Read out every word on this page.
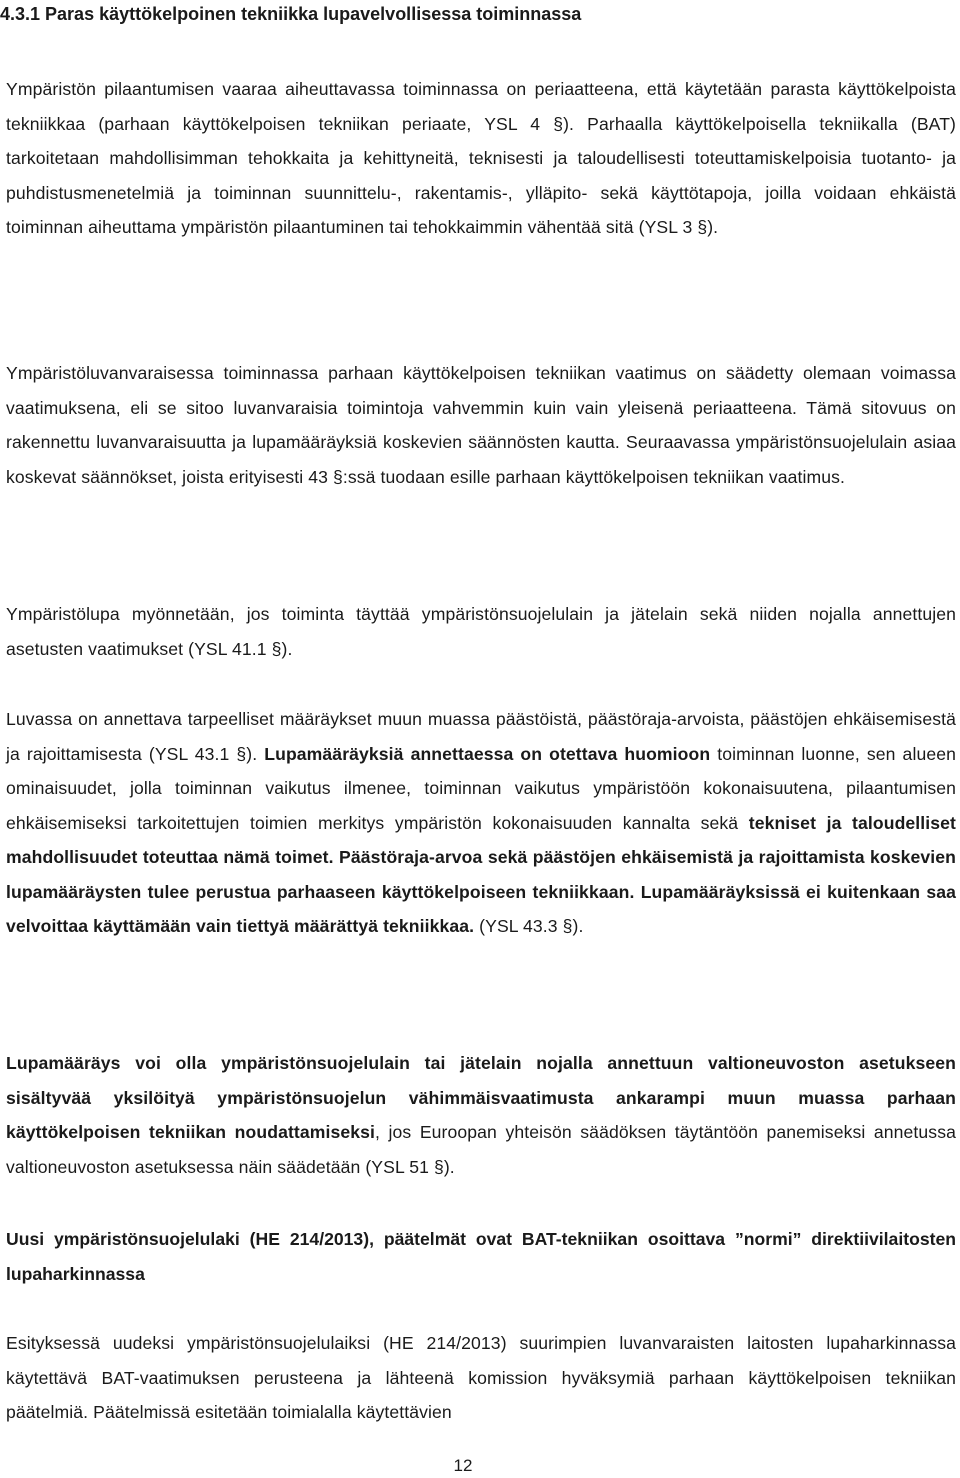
4.3.1 Paras käyttökelpoinen tekniikka lupavelvollisessa toiminnassa

Ympäristön pilaantumisen vaaraa aiheuttavassa toiminnassa on periaatteena, että käytetään parasta käyttökelpoista tekniikkaa (parhaan käyttökelpoisen tekniikan periaate, YSL 4 §). Parhaalla käyttökelpoisella tekniikalla (BAT) tarkoitetaan mahdollisimman tehokkaita ja kehittyneitä, teknisesti ja taloudellisesti toteuttamiskelpoisia tuotanto- ja puhdistusmenetelmiä ja toiminnan suunnittelu-, rakentamis-, ylläpito- sekä käyttötapoja, joilla voidaan ehkäistä toiminnan aiheuttama ympäristön pilaantuminen tai tehokkaimmin vähentää sitä (YSL 3 §).

Ympäristöluvanvaraisessa toiminnassa parhaan käyttökelpoisen tekniikan vaatimus on säädetty olemaan voimassa vaatimuksena, eli se sitoo luvanvaraisia toimintoja vahvemmin kuin vain yleisenä periaatteena. Tämä sitovuus on rakennettu luvanvaraisuutta ja lupamääräyksiä koskevien säännösten kautta. Seuraavassa ympäristönsuojelulain asiaa koskevat säännökset, joista erityisesti 43 §:ssä tuodaan esille parhaan käyttökelpoisen tekniikan vaatimus.

Ympäristölupa myönnetään, jos toiminta täyttää ympäristönsuojelulain ja jätelain sekä niiden nojalla annettujen asetusten vaatimukset (YSL 41.1 §).

Luvassa on annettava tarpeelliset määräykset muun muassa päästöistä, päästöraja-arvoista, päästöjen ehkäisemisestä ja rajoittamisesta (YSL 43.1 §). Lupamääräyksiä annettaessa on otettava huomioon toiminnan luonne, sen alueen ominaisuudet, jolla toiminnan vaikutus ilmenee, toiminnan vaikutus ympäristöön kokonaisuutena, pilaantumisen ehkäisemiseksi tarkoitettujen toimien merkitys ympäristön kokonaisuuden kannalta sekä tekniset ja taloudelliset mahdollisuudet toteuttaa nämä toimet. Päästöraja-arvoa sekä päästöjen ehkäisemistä ja rajoittamista koskevien lupamääräysten tulee perustua parhaaseen käyttökelpoiseen tekniikkaan. Lupamääräyksissä ei kuitenkaan saa velvoittaa käyttämään vain tiettyä määrättyä tekniikkaa. (YSL 43.3 §).

Lupamääräys voi olla ympäristönsuojelulain tai jätelain nojalla annettuun valtioneuvoston asetukseen sisältyvää yksilöityä ympäristönsuojelun vähimmäisvaatimusta ankarampi muun muassa parhaan käyttökelpoisen tekniikan noudattamiseksi, jos Euroopan yhteisön säädöksen täytäntöön panemiseksi annetussa valtioneuvoston asetuksessa näin säädetään (YSL 51 §).

Uusi ympäristönsuojelulaki (HE 214/2013), päätelmät ovat BAT-tekniikan osoittava ”normi” direktiivilaitosten lupaharkinnassa

Esityksessä uudeksi ympäristönsuojelulaiksi (HE 214/2013) suurimpien luvanvaraisten laitosten lupaharkinnassa käytettävä BAT-vaatimuksen perusteena ja lähteenä komission hyväksymiä parhaan käyttökelpoisen tekniikan päätelmiä. Päätelmissä esitetään toimialalla käytettävien

12
